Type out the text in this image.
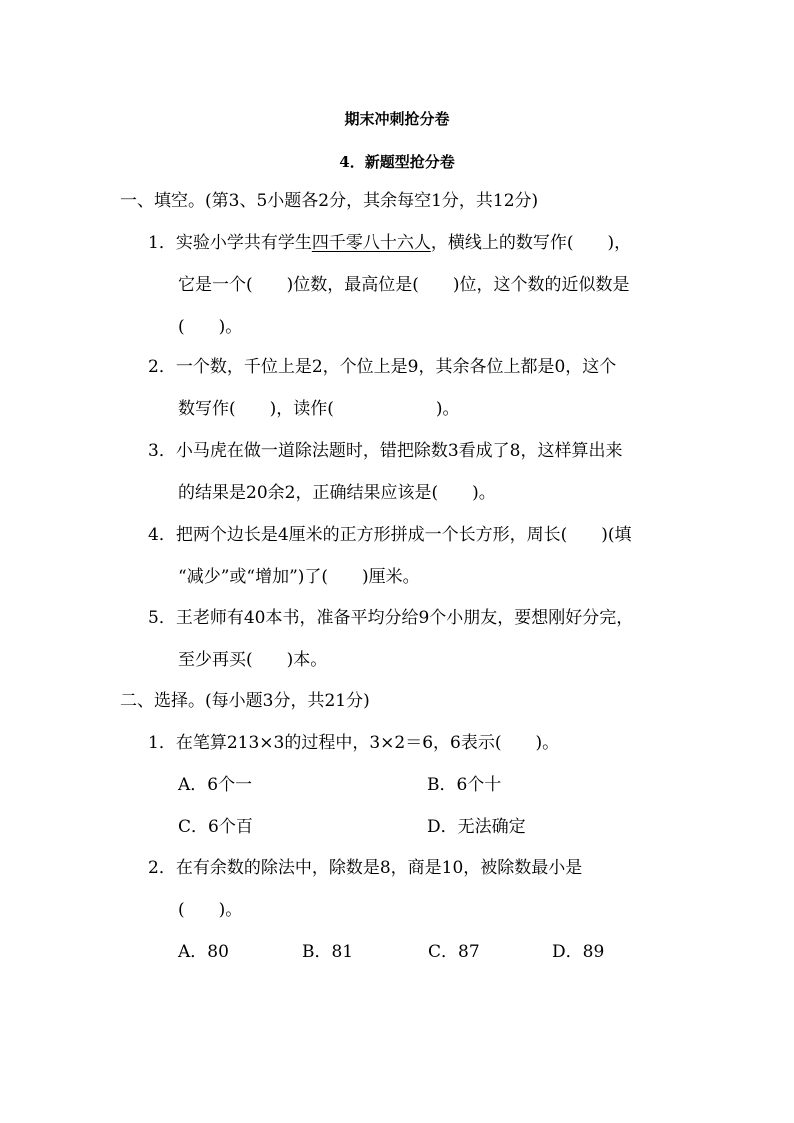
期末冲刺抢分卷
4．新题型抢分卷
一、填空。(第3、5小题各2分，其余每空1分，共12分)
1．实验小学共有学生四千零八十六人，横线上的数写作(　　)，
它是一个(　　)位数，最高位是(　　)位，这个数的近似数是
(　　)。
2．一个数，千位上是2，个位上是9，其余各位上都是0，这个
数写作(　　)，读作(　　　　　　)。
3．小马虎在做一道除法题时，错把除数3看成了8，这样算出来
的结果是20余2，正确结果应该是(　　)。
4．把两个边长是4厘米的正方形拼成一个长方形，周长(　　)(填
“减少”或“增加”)了(　　)厘米。
5．王老师有40本书，准备平均分给9个小朋友，要想刚好分完，
至少再买(　　)本。
二、选择。(每小题3分，共21分)
1．在笔算213×3的过程中，3×2＝6，6表示(　　)。
A．6个一	B．6个十
C．6个百	D．无法确定
2．在有余数的除法中，除数是8，商是10，被除数最小是
(　　)。
A．80	B．81	C．87	D．89
